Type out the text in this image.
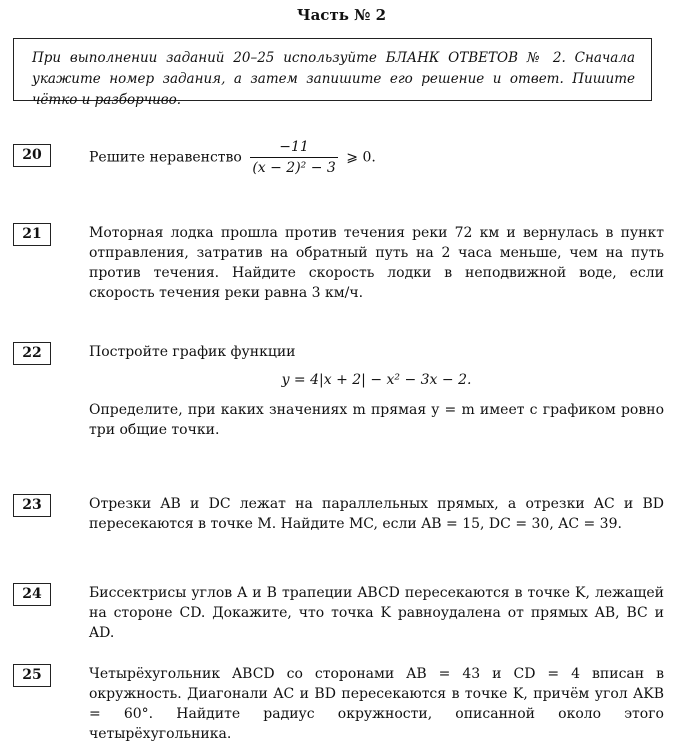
Часть № 2
При выполнении заданий 20–25 используйте БЛАНК ОТВЕТОВ № 2. Сначала укажите номер задания, а затем запишите его решение и ответ. Пишите чётко и разборчиво.
20	Решите неравенство $\frac{-11}{\text{(x − 2)² − 3}}$ ⩾ 0.
21	Моторная лодка прошла против течения реки 72 км и вернулась в пункт отправления, затратив на обратный путь на 2 часа меньше, чем на путь против течения. Найдите скорость лодки в неподвижной воде, если скорость течения реки равна 3 км/ч.
22	Постройте график функции
y = 4|x + 2| − x² − 3x − 2.
Определите, при каких значениях m прямая y = m имеет с графиком ровно три общие точки.
23	Отрезки AB и DC лежат на параллельных прямых, а отрезки AC и BD пересекаются в точке M. Найдите MC, если AB = 15, DC = 30, AC = 39.
24	Биссектрисы углов A и B трапеции ABCD пересекаются в точке K, лежащей на стороне CD. Докажите, что точка K равноудалена от прямых AB, BC и AD.
25	Четырёхугольник ABCD со сторонами AB = 43 и CD = 4 вписан в окружность. Диагонали AC и BD пересекаются в точке K, причём угол AKB = 60°. Найдите радиус окружности, описанной около этого четырёхугольника.
